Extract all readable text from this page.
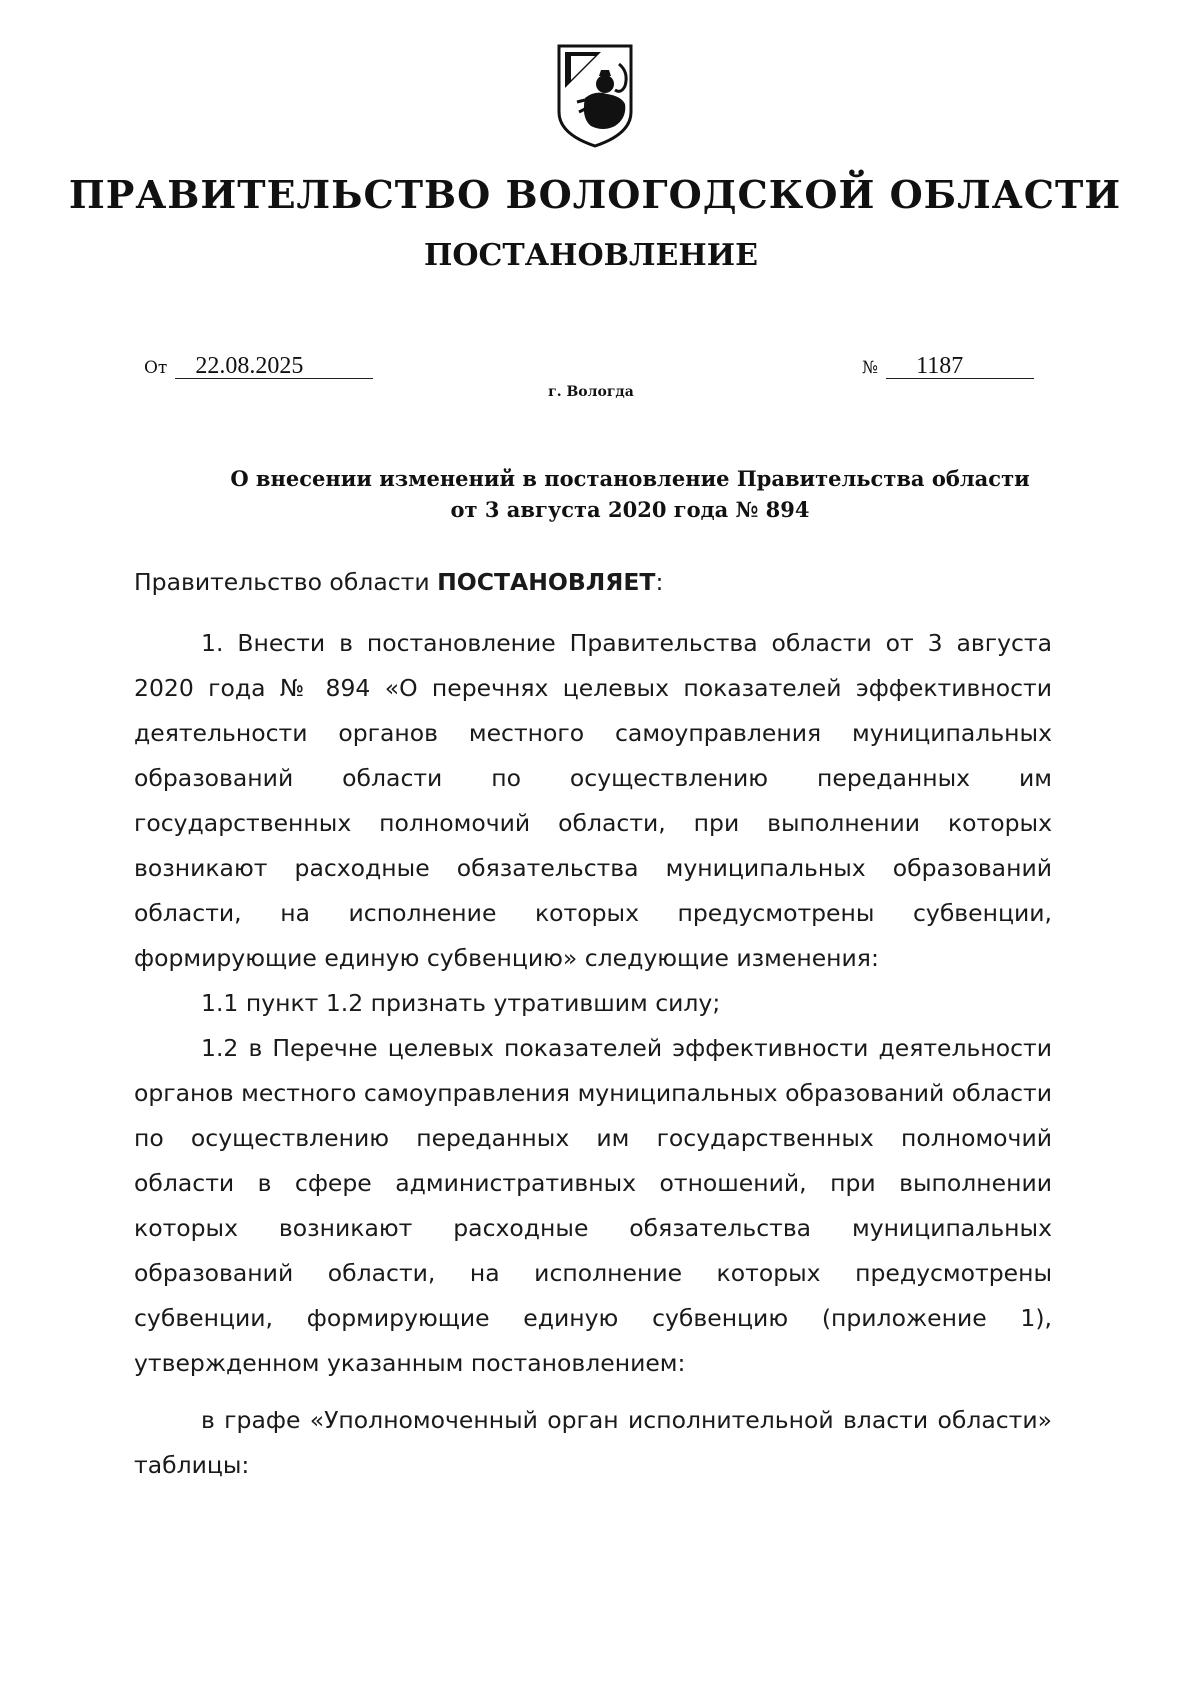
ПРАВИТЕЛЬСТВО ВОЛОГОДСКОЙ ОБЛАСТИ
ПОСТАНОВЛЕНИЕ
От 22.08.2025	№ 1187
г. Вологда
О внесении изменений в постановление Правительства области
от 3 августа 2020 года № 894

Правительство области ПОСТАНОВЛЯЕТ:

1. Внести в постановление Правительства области от 3 августа 2020 года № 894 «О перечнях целевых показателей эффективности деятельности органов местного самоуправления муниципальных образований области по осуществлению переданных им государственных полномочий области, при выполнении которых возникают расходные обязательства муниципальных образований области, на исполнение которых предусмотрены субвенции, формирующие единую субвенцию» следующие изменения:

1.1 пункт 1.2 признать утратившим силу;

1.2 в Перечне целевых показателей эффективности деятельности органов местного самоуправления муниципальных образований области по осуществлению переданных им государственных полномочий области в сфере административных отношений, при выполнении которых возникают расходные обязательства муниципальных образований области, на исполнение которых предусмотрены субвенции, формирующие единую субвенцию (приложение 1), утвержденном указанным постановлением:

в графе «Уполномоченный орган исполнительной власти области» таблицы:
